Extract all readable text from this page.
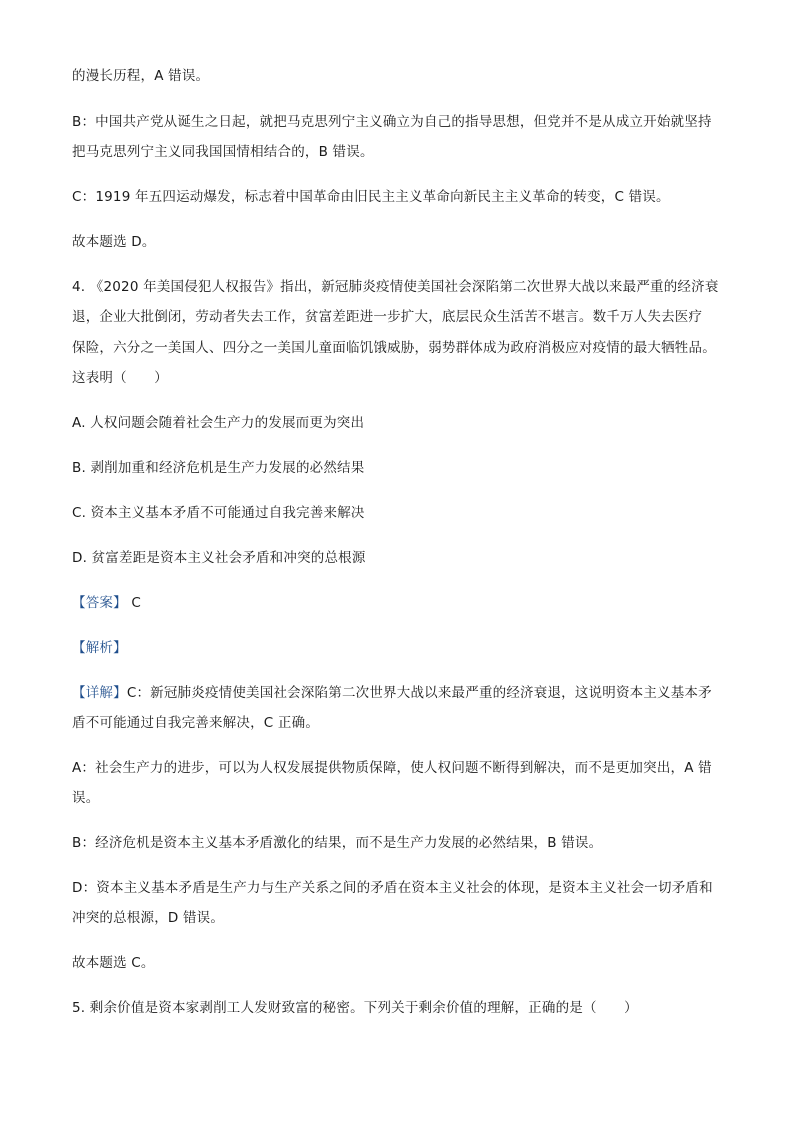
的漫长历程，A 错误。
B：中国共产党从诞生之日起，就把马克思列宁主义确立为自己的指导思想，但党并不是从成立开始就坚持
把马克思列宁主义同我国国情相结合的，B 错误。
C：1919 年五四运动爆发，标志着中国革命由旧民主主义革命向新民主主义革命的转变，C 错误。
故本题选 D。
4. 《2020 年美国侵犯人权报告》指出，新冠肺炎疫情使美国社会深陷第二次世界大战以来最严重的经济衰
退，企业大批倒闭，劳动者失去工作，贫富差距进一步扩大，底层民众生活苦不堪言。数千万人失去医疗
保险，六分之一美国人、四分之一美国儿童面临饥饿威胁，弱势群体成为政府消极应对疫情的最大牺牲品。
这表明（　　）
A. 人权问题会随着社会生产力的发展而更为突出
B. 剥削加重和经济危机是生产力发展的必然结果
C. 资本主义基本矛盾不可能通过自我完善来解决
D. 贫富差距是资本主义社会矛盾和冲突的总根源
【答案】 C
【解析】
【详解】C：新冠肺炎疫情使美国社会深陷第二次世界大战以来最严重的经济衰退，这说明资本主义基本矛
盾不可能通过自我完善来解决，C 正确。
A：社会生产力的进步，可以为人权发展提供物质保障，使人权问题不断得到解决，而不是更加突出，A 错
误。
B：经济危机是资本主义基本矛盾激化的结果，而不是生产力发展的必然结果，B 错误。
D：资本主义基本矛盾是生产力与生产关系之间的矛盾在资本主义社会的体现，是资本主义社会一切矛盾和
冲突的总根源，D 错误。
故本题选 C。
5. 剩余价值是资本家剥削工人发财致富的秘密。下列关于剩余价值的理解，正确的是（　　）
